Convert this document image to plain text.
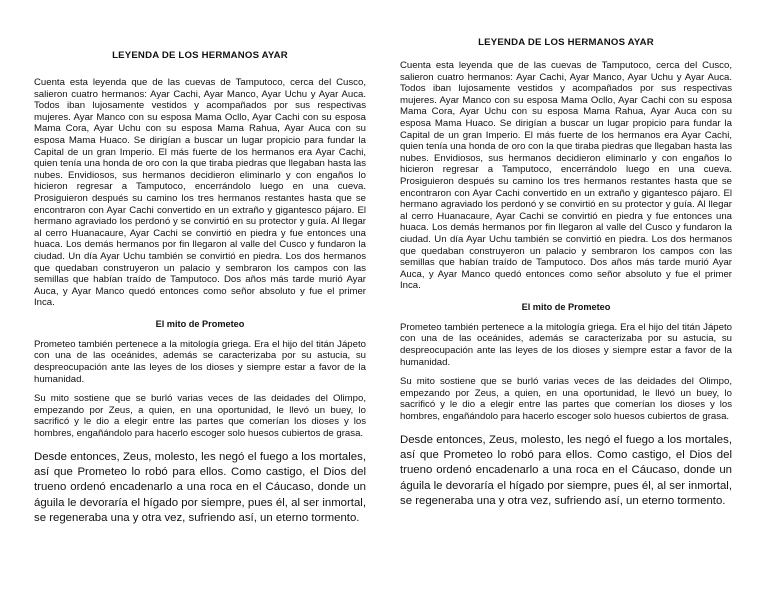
LEYENDA DE LOS HERMANOS AYAR

Cuenta esta leyenda que de las cuevas de Tamputoco, cerca del Cusco, salieron cuatro hermanos: Ayar Cachi, Ayar Manco, Ayar Uchu y Ayar Auca. Todos iban lujosamente vestidos y acompañados por sus respectivas mujeres. Ayar Manco con su esposa Mama Ocllo, Ayar Cachi con su esposa Mama Cora, Ayar Uchu con su esposa Mama Rahua, Ayar Auca con su esposa Mama Huaco. Se dirigían a buscar un lugar propicio para fundar la Capital de un gran Imperio. El más fuerte de los hermanos era Ayar Cachi, quien tenía una honda de oro con la que tiraba piedras que llegaban hasta las nubes. Envidiosos, sus hermanos decidieron eliminarlo y con engaños lo hicieron regresar a Tamputoco, encerrándolo luego en una cueva. Prosiguieron después su camino los tres hermanos restantes hasta que se encontraron con Ayar Cachi convertido en un extraño y gigantesco pájaro. El hermano agraviado los perdonó y se convirtió en su protector y guía. Al llegar al cerro Huanacaure, Ayar Cachi se convirtió en piedra y fue entonces una huaca. Los demás hermanos por fin llegaron al valle del Cusco y fundaron la ciudad. Un día Ayar Uchu también se convirtió en piedra. Los dos hermanos que quedaban construyeron un palacio y sembraron los campos con las semillas que habían traído de Tamputoco. Dos años más tarde murió Ayar Auca, y Ayar Manco quedó entonces como señor absoluto y fue el primer Inca.

El mito de Prometeo

Prometeo también pertenece a la mitología griega. Era el hijo del titán Jápeto con una de las oceánides, además se caracterizaba por su astucia, su despreocupación ante las leyes de los dioses y siempre estar a favor de la humanidad.

Su mito sostiene que se burló varias veces de las deidades del Olimpo, empezando por Zeus, a quien, en una oportunidad, le llevó un buey, lo sacrificó y le dio a elegir entre las partes que comerían los dioses y los hombres, engañándolo para hacerlo escoger solo huesos cubiertos de grasa.

Desde entonces, Zeus, molesto, les negó el fuego a los mortales, así que Prometeo lo robó para ellos. Como castigo, el Dios del trueno ordenó encadenarlo a una roca en el Cáucaso, donde un águila le devoraría el hígado por siempre, pues él, al ser inmortal, se regeneraba una y otra vez, sufriendo así, un eterno tormento.

LEYENDA DE LOS HERMANOS AYAR

Cuenta esta leyenda que de las cuevas de Tamputoco, cerca del Cusco, salieron cuatro hermanos: Ayar Cachi, Ayar Manco, Ayar Uchu y Ayar Auca. Todos iban lujosamente vestidos y acompañados por sus respectivas mujeres. Ayar Manco con su esposa Mama Ocllo, Ayar Cachi con su esposa Mama Cora, Ayar Uchu con su esposa Mama Rahua, Ayar Auca con su esposa Mama Huaco. Se dirigían a buscar un lugar propicio para fundar la Capital de un gran Imperio. El más fuerte de los hermanos era Ayar Cachi, quien tenía una honda de oro con la que tiraba piedras que llegaban hasta las nubes. Envidiosos, sus hermanos decidieron eliminarlo y con engaños lo hicieron regresar a Tamputoco, encerrándolo luego en una cueva. Prosiguieron después su camino los tres hermanos restantes hasta que se encontraron con Ayar Cachi convertido en un extraño y gigantesco pájaro. El hermano agraviado los perdonó y se convirtió en su protector y guía. Al llegar al cerro Huanacaure, Ayar Cachi se convirtió en piedra y fue entonces una huaca. Los demás hermanos por fin llegaron al valle del Cusco y fundaron la ciudad. Un día Ayar Uchu también se convirtió en piedra. Los dos hermanos que quedaban construyeron un palacio y sembraron los campos con las semillas que habían traído de Tamputoco. Dos años más tarde murió Ayar Auca, y Ayar Manco quedó entonces como señor absoluto y fue el primer Inca.

El mito de Prometeo

Prometeo también pertenece a la mitología griega. Era el hijo del titán Jápeto con una de las oceánides, además se caracterizaba por su astucia, su despreocupación ante las leyes de los dioses y siempre estar a favor de la humanidad.

Su mito sostiene que se burló varias veces de las deidades del Olimpo, empezando por Zeus, a quien, en una oportunidad, le llevó un buey, lo sacrificó y le dio a elegir entre las partes que comerían los dioses y los hombres, engañándolo para hacerlo escoger solo huesos cubiertos de grasa.

Desde entonces, Zeus, molesto, les negó el fuego a los mortales, así que Prometeo lo robó para ellos. Como castigo, el Dios del trueno ordenó encadenarlo a una roca en el Cáucaso, donde un águila le devoraría el hígado por siempre, pues él, al ser inmortal, se regeneraba una y otra vez, sufriendo así, un eterno tormento.
